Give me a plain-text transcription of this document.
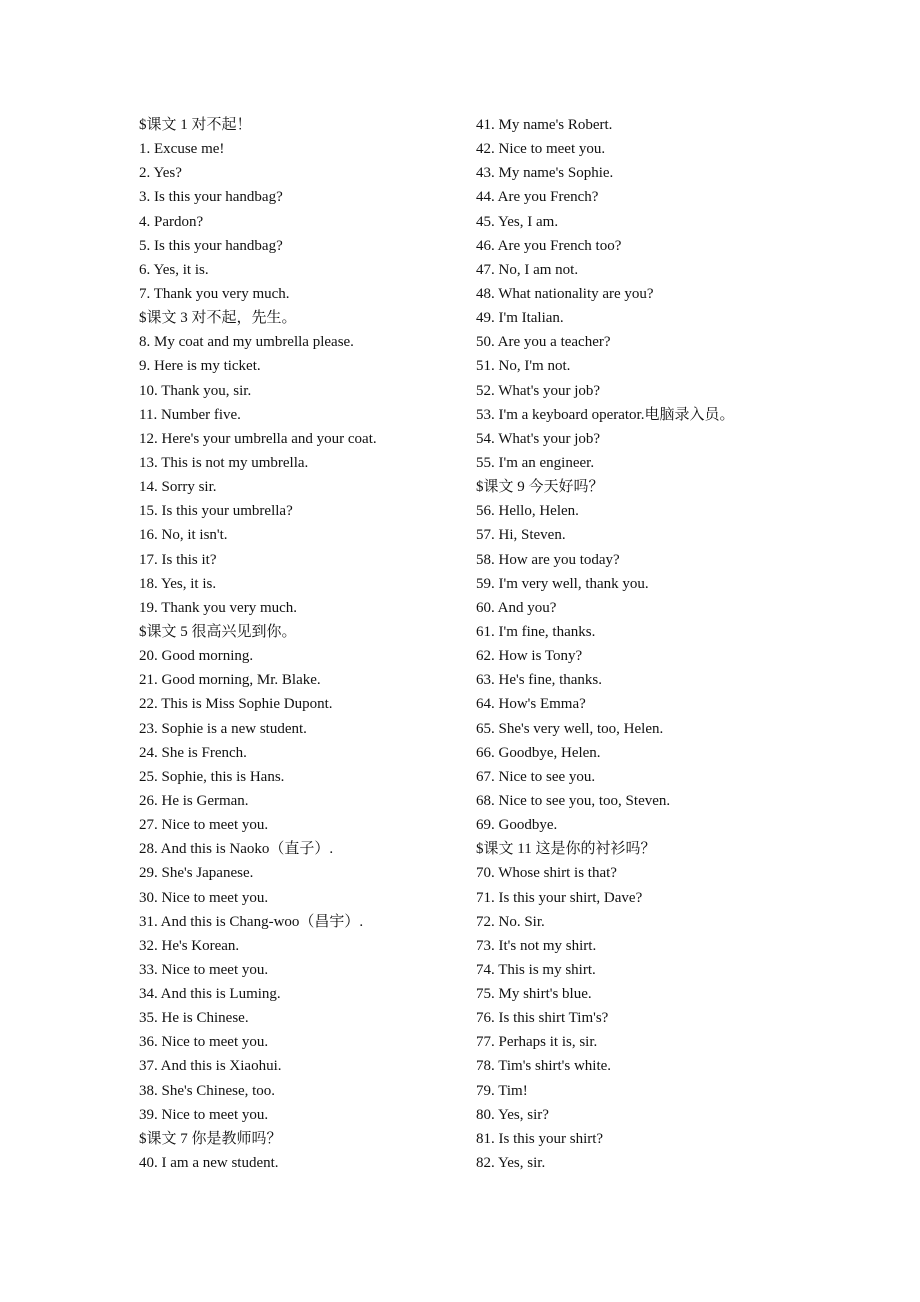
$课文 1 对不起！
1. Excuse me!
2. Yes?
3. Is this your handbag?
4. Pardon?
5. Is this your handbag?
6. Yes, it is.
7. Thank you very much.
$课文 3 对不起，先生。
8. My coat and my umbrella please.
9. Here is my ticket.
10. Thank you, sir.
11. Number five.
12. Here's your umbrella and your coat.
13. This is not my umbrella.
14. Sorry sir.
15. Is this your umbrella?
16. No, it isn't.
17. Is this it?
18. Yes, it is.
19. Thank you very much.
$课文 5 很高兴见到你。
20. Good morning.
21. Good morning, Mr. Blake.
22. This is Miss Sophie Dupont.
23. Sophie is a new student.
24. She is French.
25. Sophie, this is Hans.
26. He is German.
27. Nice to meet you.
28. And this is Naoko（直子）.
29. She's Japanese.
30. Nice to meet you.
31. And this is Chang-woo（昌宇）.
32. He's Korean.
33. Nice to meet you.
34. And this is Luming.
35. He is Chinese.
36. Nice to meet you.
37. And this is Xiaohui.
38. She's Chinese, too.
39. Nice to meet you.
$课文 7 你是教师吗？
40. I am a new student.
41. My name's Robert.
42. Nice to meet you.
43. My name's Sophie.
44. Are you French?
45. Yes, I am.
46. Are you French too?
47. No, I am not.
48. What nationality are you?
49. I'm Italian.
50. Are you a teacher?
51. No, I'm not.
52. What's your job?
53. I'm a keyboard operator.电脑录入员。
54. What's your job?
55. I'm an engineer.
$课文 9 今天好吗？
56. Hello, Helen.
57. Hi, Steven.
58. How are you today?
59. I'm very well, thank you.
60. And you?
61. I'm fine, thanks.
62. How is Tony?
63. He's fine, thanks.
64. How's Emma?
65. She's very well, too, Helen.
66. Goodbye, Helen.
67. Nice to see you.
68. Nice to see you, too, Steven.
69. Goodbye.
$课文 11 这是你的衬衫吗？
70. Whose shirt is that?
71. Is this your shirt, Dave?
72. No. Sir.
73. It's not my shirt.
74. This is my shirt.
75. My shirt's blue.
76. Is this shirt Tim's?
77. Perhaps it is, sir.
78. Tim's shirt's white.
79. Tim!
80. Yes, sir?
81. Is this your shirt?
82. Yes, sir.
